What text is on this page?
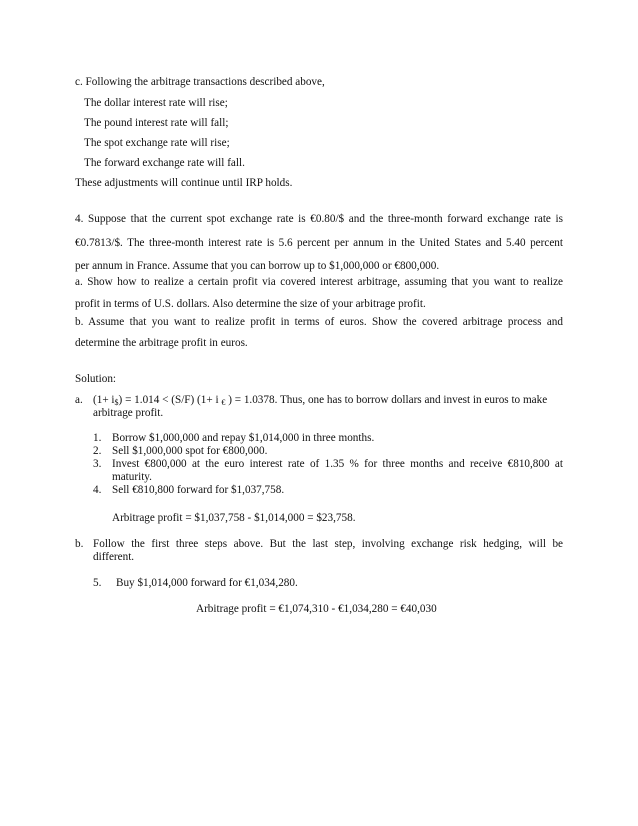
c. Following the arbitrage transactions described above,
The dollar interest rate will rise;
The pound interest rate will fall;
The spot exchange rate will rise;
The forward exchange rate will fall.
These adjustments will continue until IRP holds.
4. Suppose that the current spot exchange rate is €0.80/$ and the three-month forward exchange rate is
€0.7813/$. The three-month interest rate is 5.6 percent per annum in the United States and 5.40 percent
per annum in France. Assume that you can borrow up to $1,000,000 or €800,000.
a. Show how to realize a certain profit via covered interest arbitrage, assuming that you want to realize
profit in terms of U.S. dollars. Also determine the size of your arbitrage profit.
b. Assume that you want to realize profit in terms of euros. Show the covered arbitrage process and
determine the arbitrage profit in euros.
Solution:
a. $(1+ i_{\$}) = 1.014 < (S/F)$ (1+ i $_€$ ) = 1.0378. Thus, one has to borrow dollars and invest in euros to make
arbitrage profit.
1. Borrow $1,000,000 and repay $1,014,000 in three months.
2. Sell $1,000,000 spot for €800,000.
3. Invest €800,000 at the euro interest rate of 1.35 % for three months and receive €810,800 at
maturity.
4. Sell €810,800 forward for $1,037,758.
Arbitrage profit = $1,037,758 - $1,014,000 = $23,758.
b. Follow the first three steps above. But the last step, involving exchange risk hedging, will be
different.
5. Buy $1,014,000 forward for €1,034,280.
Arbitrage profit = €1,074,310 - €1,034,280 = €40,030
